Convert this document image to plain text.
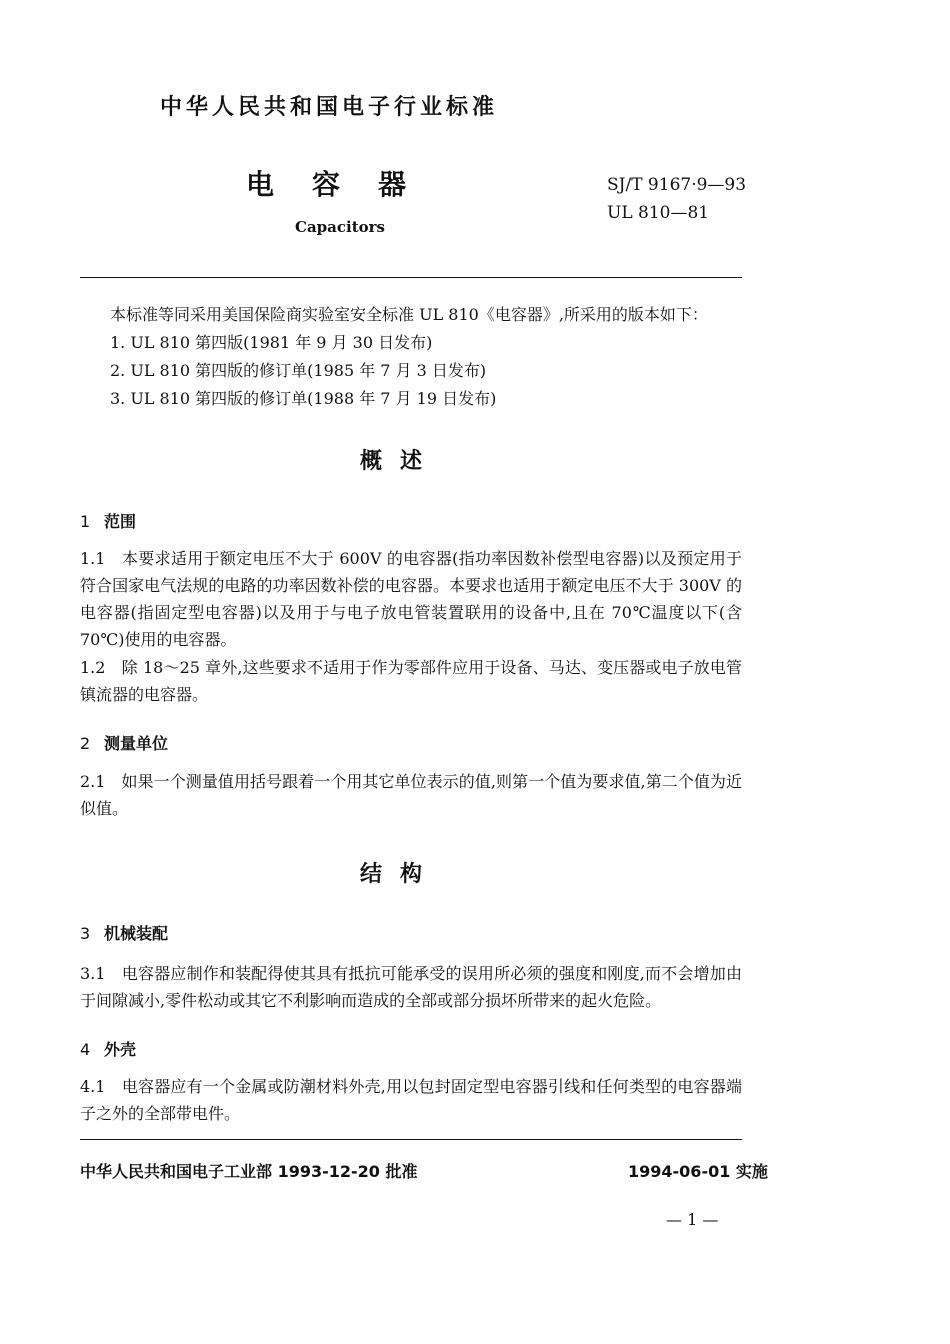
中华人民共和国电子行业标准
电 容 器
Capacitors
SJ/T 9167·9—93
UL 810—81
本标准等同采用美国保险商实验室安全标准 UL 810《电容器》,所采用的版本如下：
1. UL 810 第四版(1981 年 9 月 30 日发布)
2. UL 810 第四版的修订单(1985 年 7 月 3 日发布)
3. UL 810 第四版的修订单(1988 年 7 月 19 日发布)
概述
1 范围
1.1　本要求适用于额定电压不大于 600V 的电容器(指功率因数补偿型电容器)以及预定用于符合国家电气法规的电路的功率因数补偿的电容器。本要求也适用于额定电压不大于 300V 的电容器(指固定型电容器)以及用于与电子放电管装置联用的设备中,且在 70℃温度以下(含 70℃)使用的电容器。
1.2　除 18～25 章外,这些要求不适用于作为零部件应用于设备、马达、变压器或电子放电管镇流器的电容器。
2 测量单位
2.1　如果一个测量值用括号跟着一个用其它单位表示的值,则第一个值为要求值,第二个值为近似值。
结构
3 机械装配
3.1　电容器应制作和装配得使其具有抵抗可能承受的误用所必须的强度和刚度,而不会增加由于间隙减小,零件松动或其它不利影响而造成的全部或部分损坏所带来的起火危险。
4 外壳
4.1　电容器应有一个金属或防潮材料外壳,用以包封固定型电容器引线和任何类型的电容器端子之外的全部带电件。
中华人民共和国电子工业部 1993-12-20 批准	1994-06-01 实施
— 1 —
